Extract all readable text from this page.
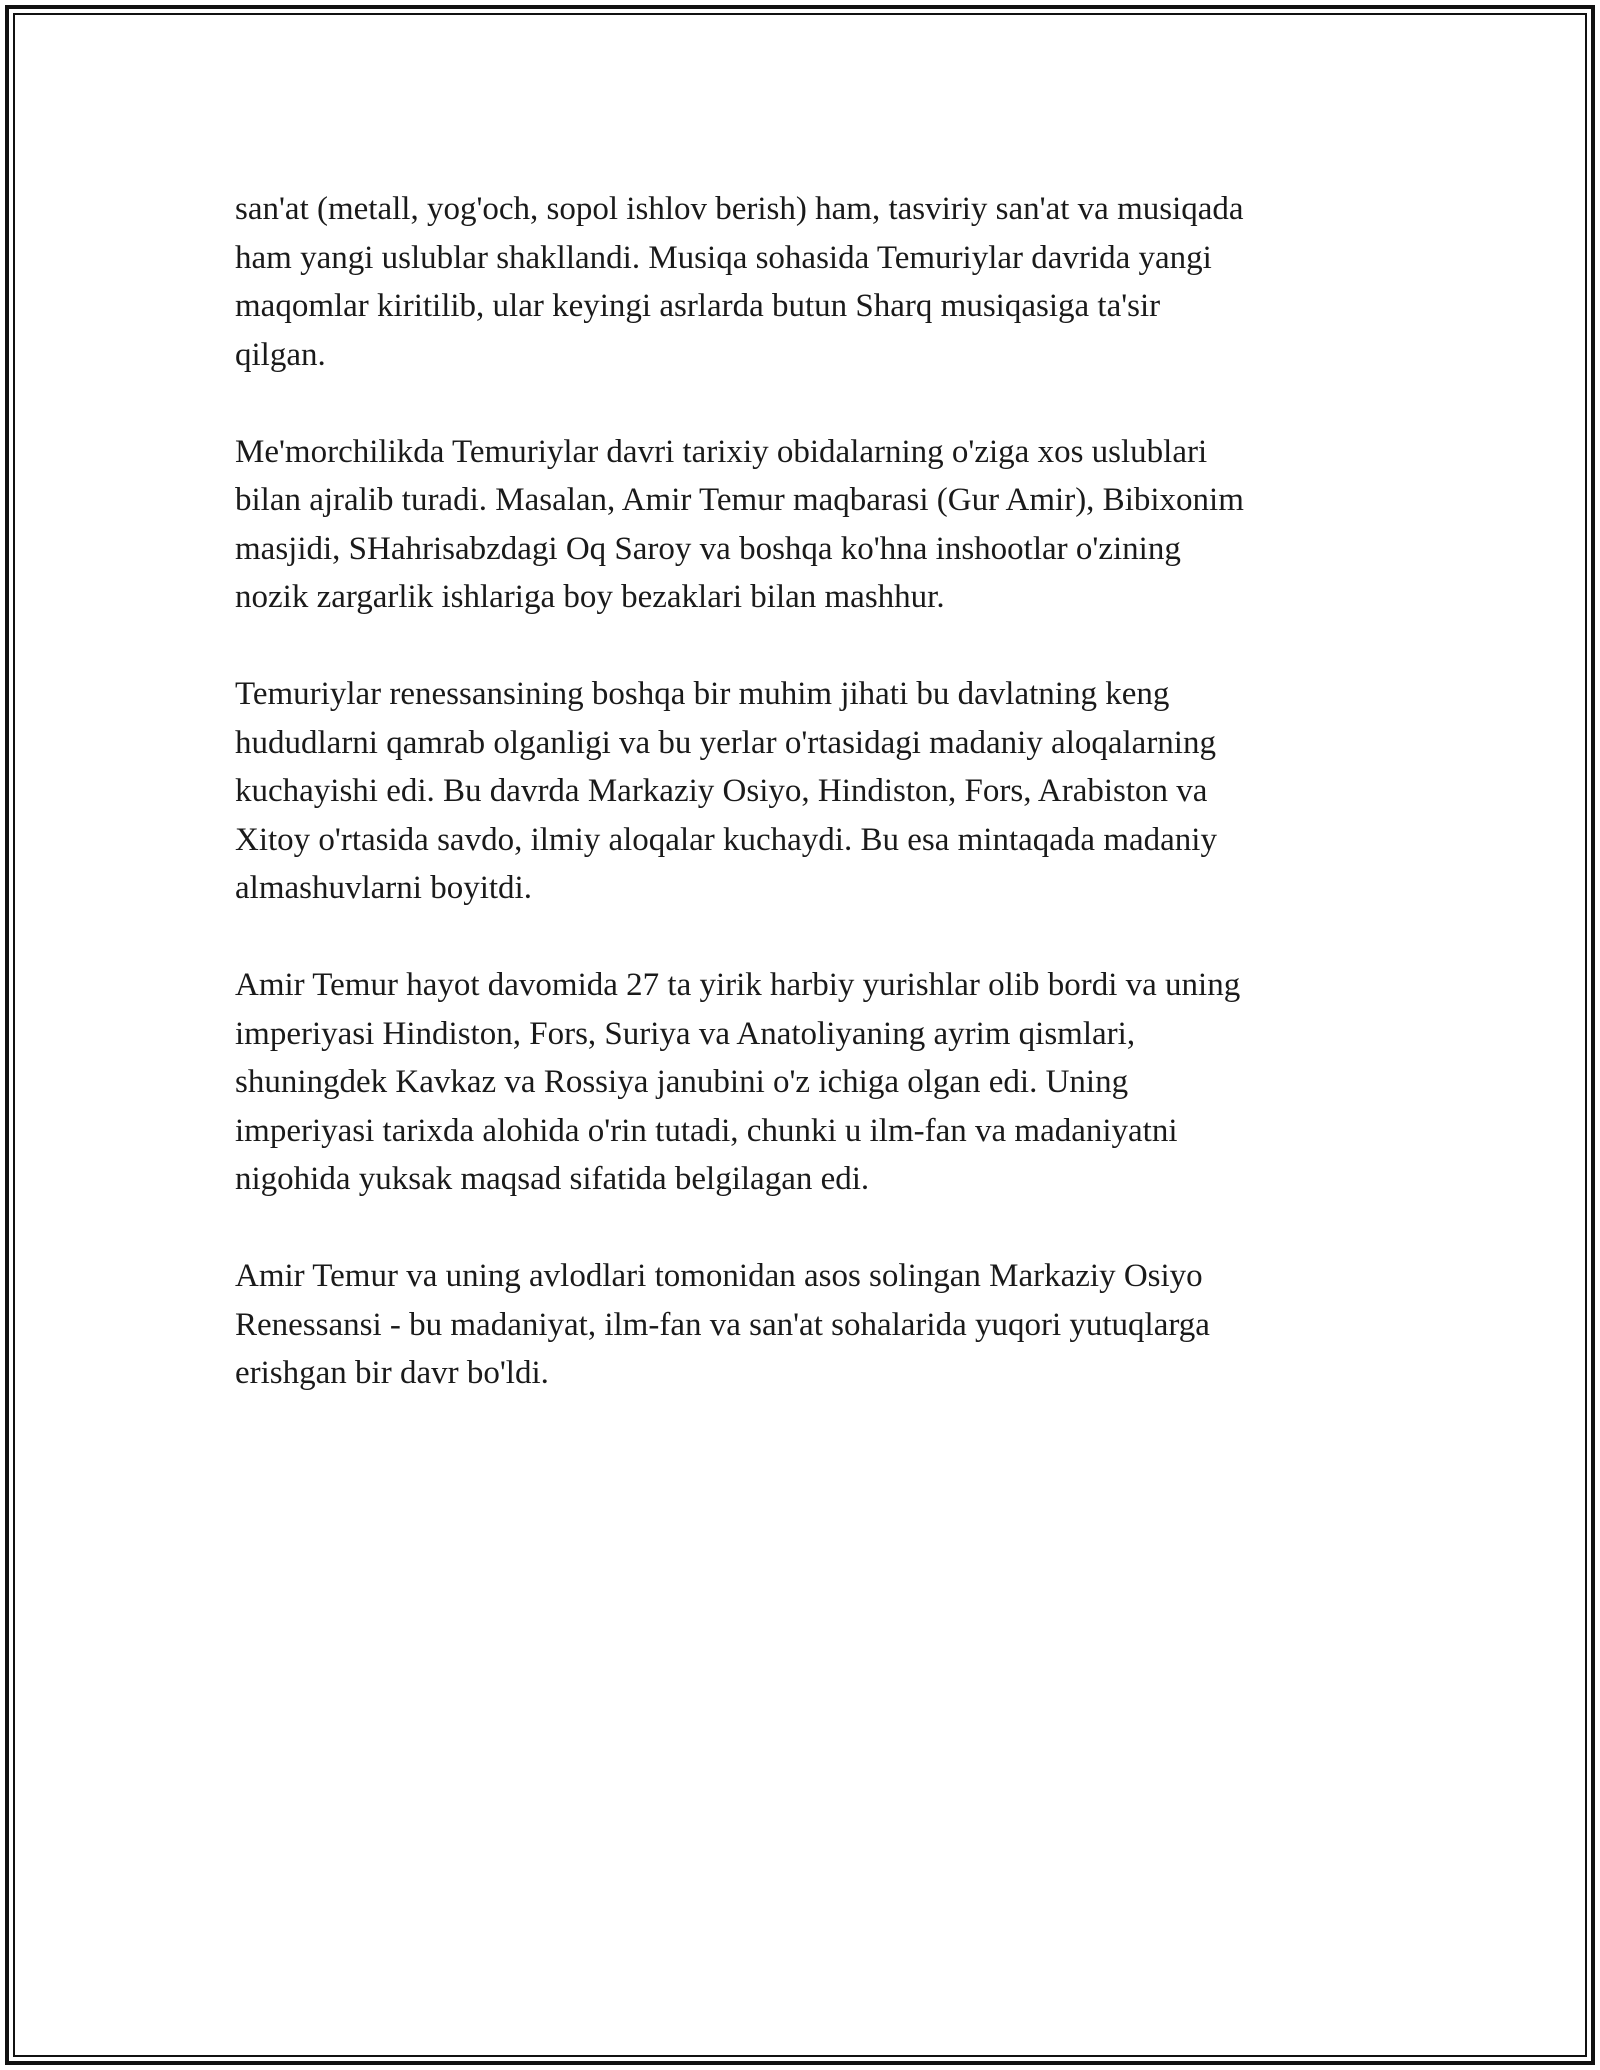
san'at (metall, yog'och, sopol ishlov berish) ham, tasviriy san'at va musiqada
ham yangi uslublar shakllandi. Musiqa sohasida Temuriylar davrida yangi
maqomlar kiritilib, ular keyingi asrlarda butun Sharq musiqasiga ta'sir
qilgan.

Me'morchilikda Temuriylar davri tarixiy obidalarning o'ziga xos uslublari
bilan ajralib turadi. Masalan, Amir Temur maqbarasi (Gur Amir), Bibixonim
masjidi, SHahrisabzdagi Oq Saroy va boshqa ko'hna inshootlar o'zining
nozik zargarlik ishlariga boy bezaklari bilan mashhur.

Temuriylar renessansining boshqa bir muhim jihati bu davlatning keng
hududlarni qamrab olganligi va bu yerlar o'rtasidagi madaniy aloqalarning
kuchayishi edi. Bu davrda Markaziy Osiyo, Hindiston, Fors, Arabiston va
Xitoy o'rtasida savdo, ilmiy aloqalar kuchaydi. Bu esa mintaqada madaniy
almashuvlarni boyitdi.

Amir Temur hayot davomida 27 ta yirik harbiy yurishlar olib bordi va uning
imperiyasi Hindiston, Fors, Suriya va Anatoliyaning ayrim qismlari,
shuningdek Kavkaz va Rossiya janubini o'z ichiga olgan edi. Uning
imperiyasi tarixda alohida o'rin tutadi, chunki u ilm-fan va madaniyatni
nigohida yuksak maqsad sifatida belgilagan edi.

Amir Temur va uning avlodlari tomonidan asos solingan Markaziy Osiyo
Renessansi - bu madaniyat, ilm-fan va san'at sohalarida yuqori yutuqlarga
erishgan bir davr bo'ldi.
